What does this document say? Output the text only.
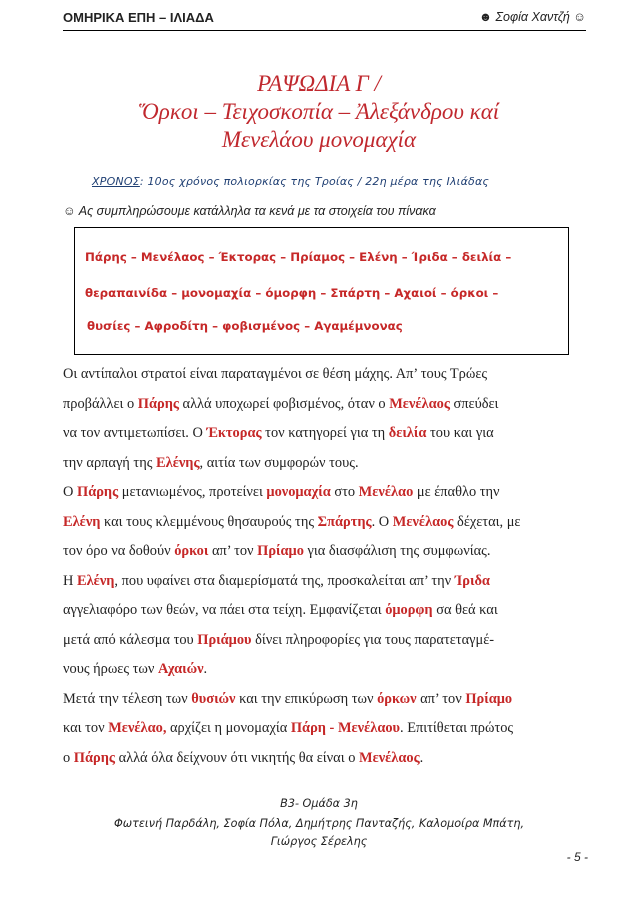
ΟΜΗΡΙΚΑ ΕΠΗ – ΙΛΙΑΔΑ	☻ Σοφία Χαντζή ☺
ΡΑΨΩΔΙΑ Γ /
Ὅρκοι – Τειχοσκοπία – Ἀλεξάνδρου καί
Μενελάου μονομαχία
ΧΡΟΝΟΣ: 10ος χρόνος πολιορκίας της Τροίας / 22η μέρα της Ιλιάδας
☺ Ας συμπληρώσουμε κατάλληλα τα κενά με τα στοιχεία του πίνακα
Πάρης – Μενέλαος – Έκτορας – Πρίαμος – Ελένη – Ίριδα – δειλία –
θεραπαινίδα – μονομαχία – όμορφη – Σπάρτη – Αχαιοί – όρκοι –
θυσίες – Αφροδίτη – φοβισμένος – Αγαμέμνονας

Οι αντίπαλοι στρατοί είναι παραταγμένοι σε θέση μάχης. Απ’ τους Τρώες

προβάλλει ο Πάρης αλλά υποχωρεί φοβισμένος, όταν ο Μενέλαος σπεύδει

να τον αντιμετωπίσει. Ο Έκτορας τον κατηγορεί για τη δειλία του και για

την αρπαγή της Ελένης, αιτία των συμφορών τους.

Ο Πάρης μετανιωμένος, προτείνει μονομαχία στο Μενέλαο με έπαθλο την

Ελένη και τους κλεμμένους θησαυρούς της Σπάρτης. Ο Μενέλαος δέχεται, με

τον όρο να δοθούν όρκοι απ’ τον Πρίαμο για διασφάλιση της συμφωνίας.

Η Ελένη, που υφαίνει στα διαμερίσματά της, προσκαλείται απ’ την Ίριδα

αγγελιαφόρο των θεών, να πάει στα τείχη. Εμφανίζεται όμορφη σα θεά και

μετά από κάλεσμα του Πριάμου δίνει πληροφορίες για τους παρατεταγμέ-

νους ήρωες των Αχαιών.

Μετά την τέλεση των θυσιών και την επικύρωση των όρκων απ’ τον Πρίαμο

και τον Μενέλαο, αρχίζει η μονομαχία Πάρη - Μενέλαου. Επιτίθεται πρώτος

ο Πάρης αλλά όλα δείχνουν ότι νικητής θα είναι ο Μενέλαος.

Β3- Ομάδα 3η
Φωτεινή Παρδάλη, Σοφία Πόλα, Δημήτρης Πανταζής, Καλομοίρα Μπάτη,
Γιώργος Σέρελης
- 5 -
